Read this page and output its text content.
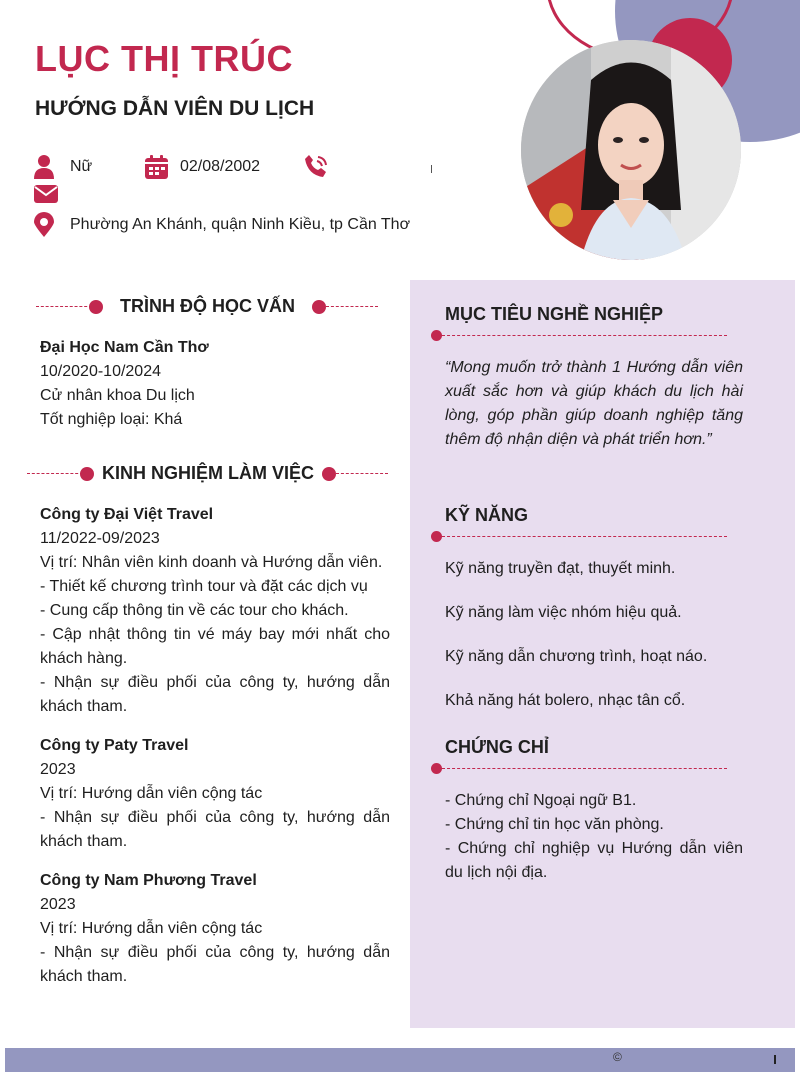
LỤC THỊ TRÚC
HƯỚNG DẪN VIÊN DU LỊCH
Nữ	02/08/2002
Phường An Khánh, quận Ninh Kiều, tp Cần Thơ
TRÌNH ĐỘ HỌC VẤN
Đại Học Nam Cần Thơ
10/2020-10/2024
Cử nhân khoa Du lịch
Tốt nghiệp loại: Khá
KINH NGHIỆM LÀM VIỆC
Công ty Đại Việt Travel
11/2022-09/2023
Vị trí: Nhân viên kinh doanh và Hướng dẫn viên.
- Thiết kế chương trình tour và đặt các dịch vụ
- Cung cấp thông tin về các tour cho khách.
- Cập nhật thông tin vé máy bay mới nhất cho khách hàng.
- Nhận sự điều phối của công ty, hướng dẫn khách tham.
Công ty Paty Travel
2023
Vị trí: Hướng dẫn viên cộng tác
- Nhận sự điều phối của công ty, hướng dẫn khách tham.
Công ty Nam Phương Travel
2023
Vị trí: Hướng dẫn viên cộng tác
- Nhận sự điều phối của công ty, hướng dẫn khách tham.
MỤC TIÊU NGHỀ NGHIỆP
“Mong muốn trở thành 1 Hướng dẫn viên xuất sắc hơn và giúp khách du lịch hài lòng, góp phần giúp doanh nghiệp tăng thêm độ nhận diện và phát triển hơn.”
KỸ NĂNG
Kỹ năng truyền đạt, thuyết minh.
Kỹ năng làm việc nhóm hiệu quả.
Kỹ năng dẫn chương trình, hoạt náo.
Khả năng hát bolero, nhạc tân cổ.
CHỨNG CHỈ
- Chứng chỉ Ngoại ngữ B1.
- Chứng chỉ tin học văn phòng.
- Chứng chỉ nghiệp vụ Hướng dẫn viên du lịch nội địa.
©
